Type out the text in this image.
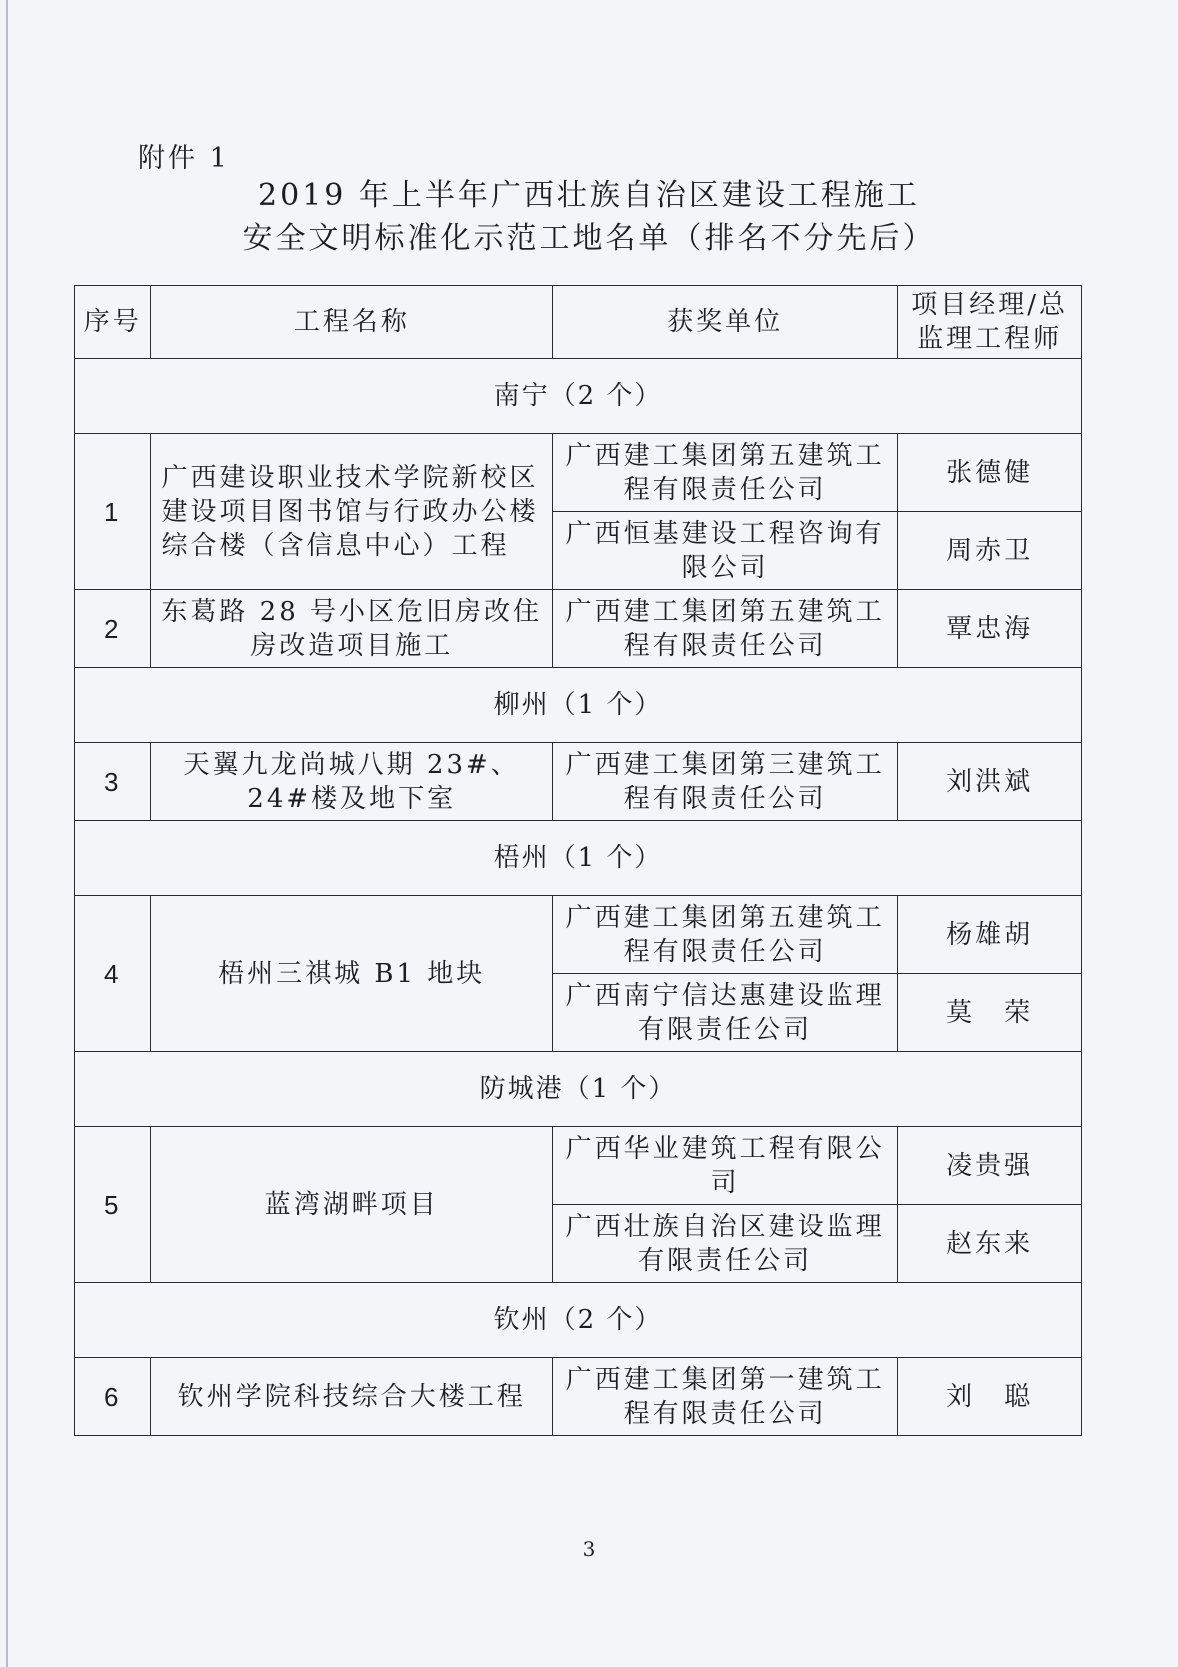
附件 1

2019 年上半年广西壮族自治区建设工程施工
安全文明标准化示范工地名单（排名不分先后）
序号	工程名称	获奖单位	项目经理/总监理工程师
南宁（2 个）			
1	广西建设职业技术学院新校区建设项目图书馆与行政办公楼综合楼（含信息中心）工程	广西建工集团第五建筑工程有限责任公司	张德健
		广西恒基建设工程咨询有限公司	周赤卫
2	东葛路 28 号小区危旧房改住房改造项目施工	广西建工集团第五建筑工程有限责任公司	覃忠海
柳州（1 个）			
3	天翼九龙尚城八期 23#、24#楼及地下室	广西建工集团第三建筑工程有限责任公司	刘洪斌
梧州（1 个）			
4	梧州三祺城 B1 地块	广西建工集团第五建筑工程有限责任公司	杨雄胡
		广西南宁信达惠建设监理有限责任公司	莫　荣
防城港（1 个）			
5	蓝湾湖畔项目	广西华业建筑工程有限公司	凌贵强
		广西壮族自治区建设监理有限责任公司	赵东来
钦州（2 个）			
6	钦州学院科技综合大楼工程	广西建工集团第一建筑工程有限责任公司	刘　聪
3
